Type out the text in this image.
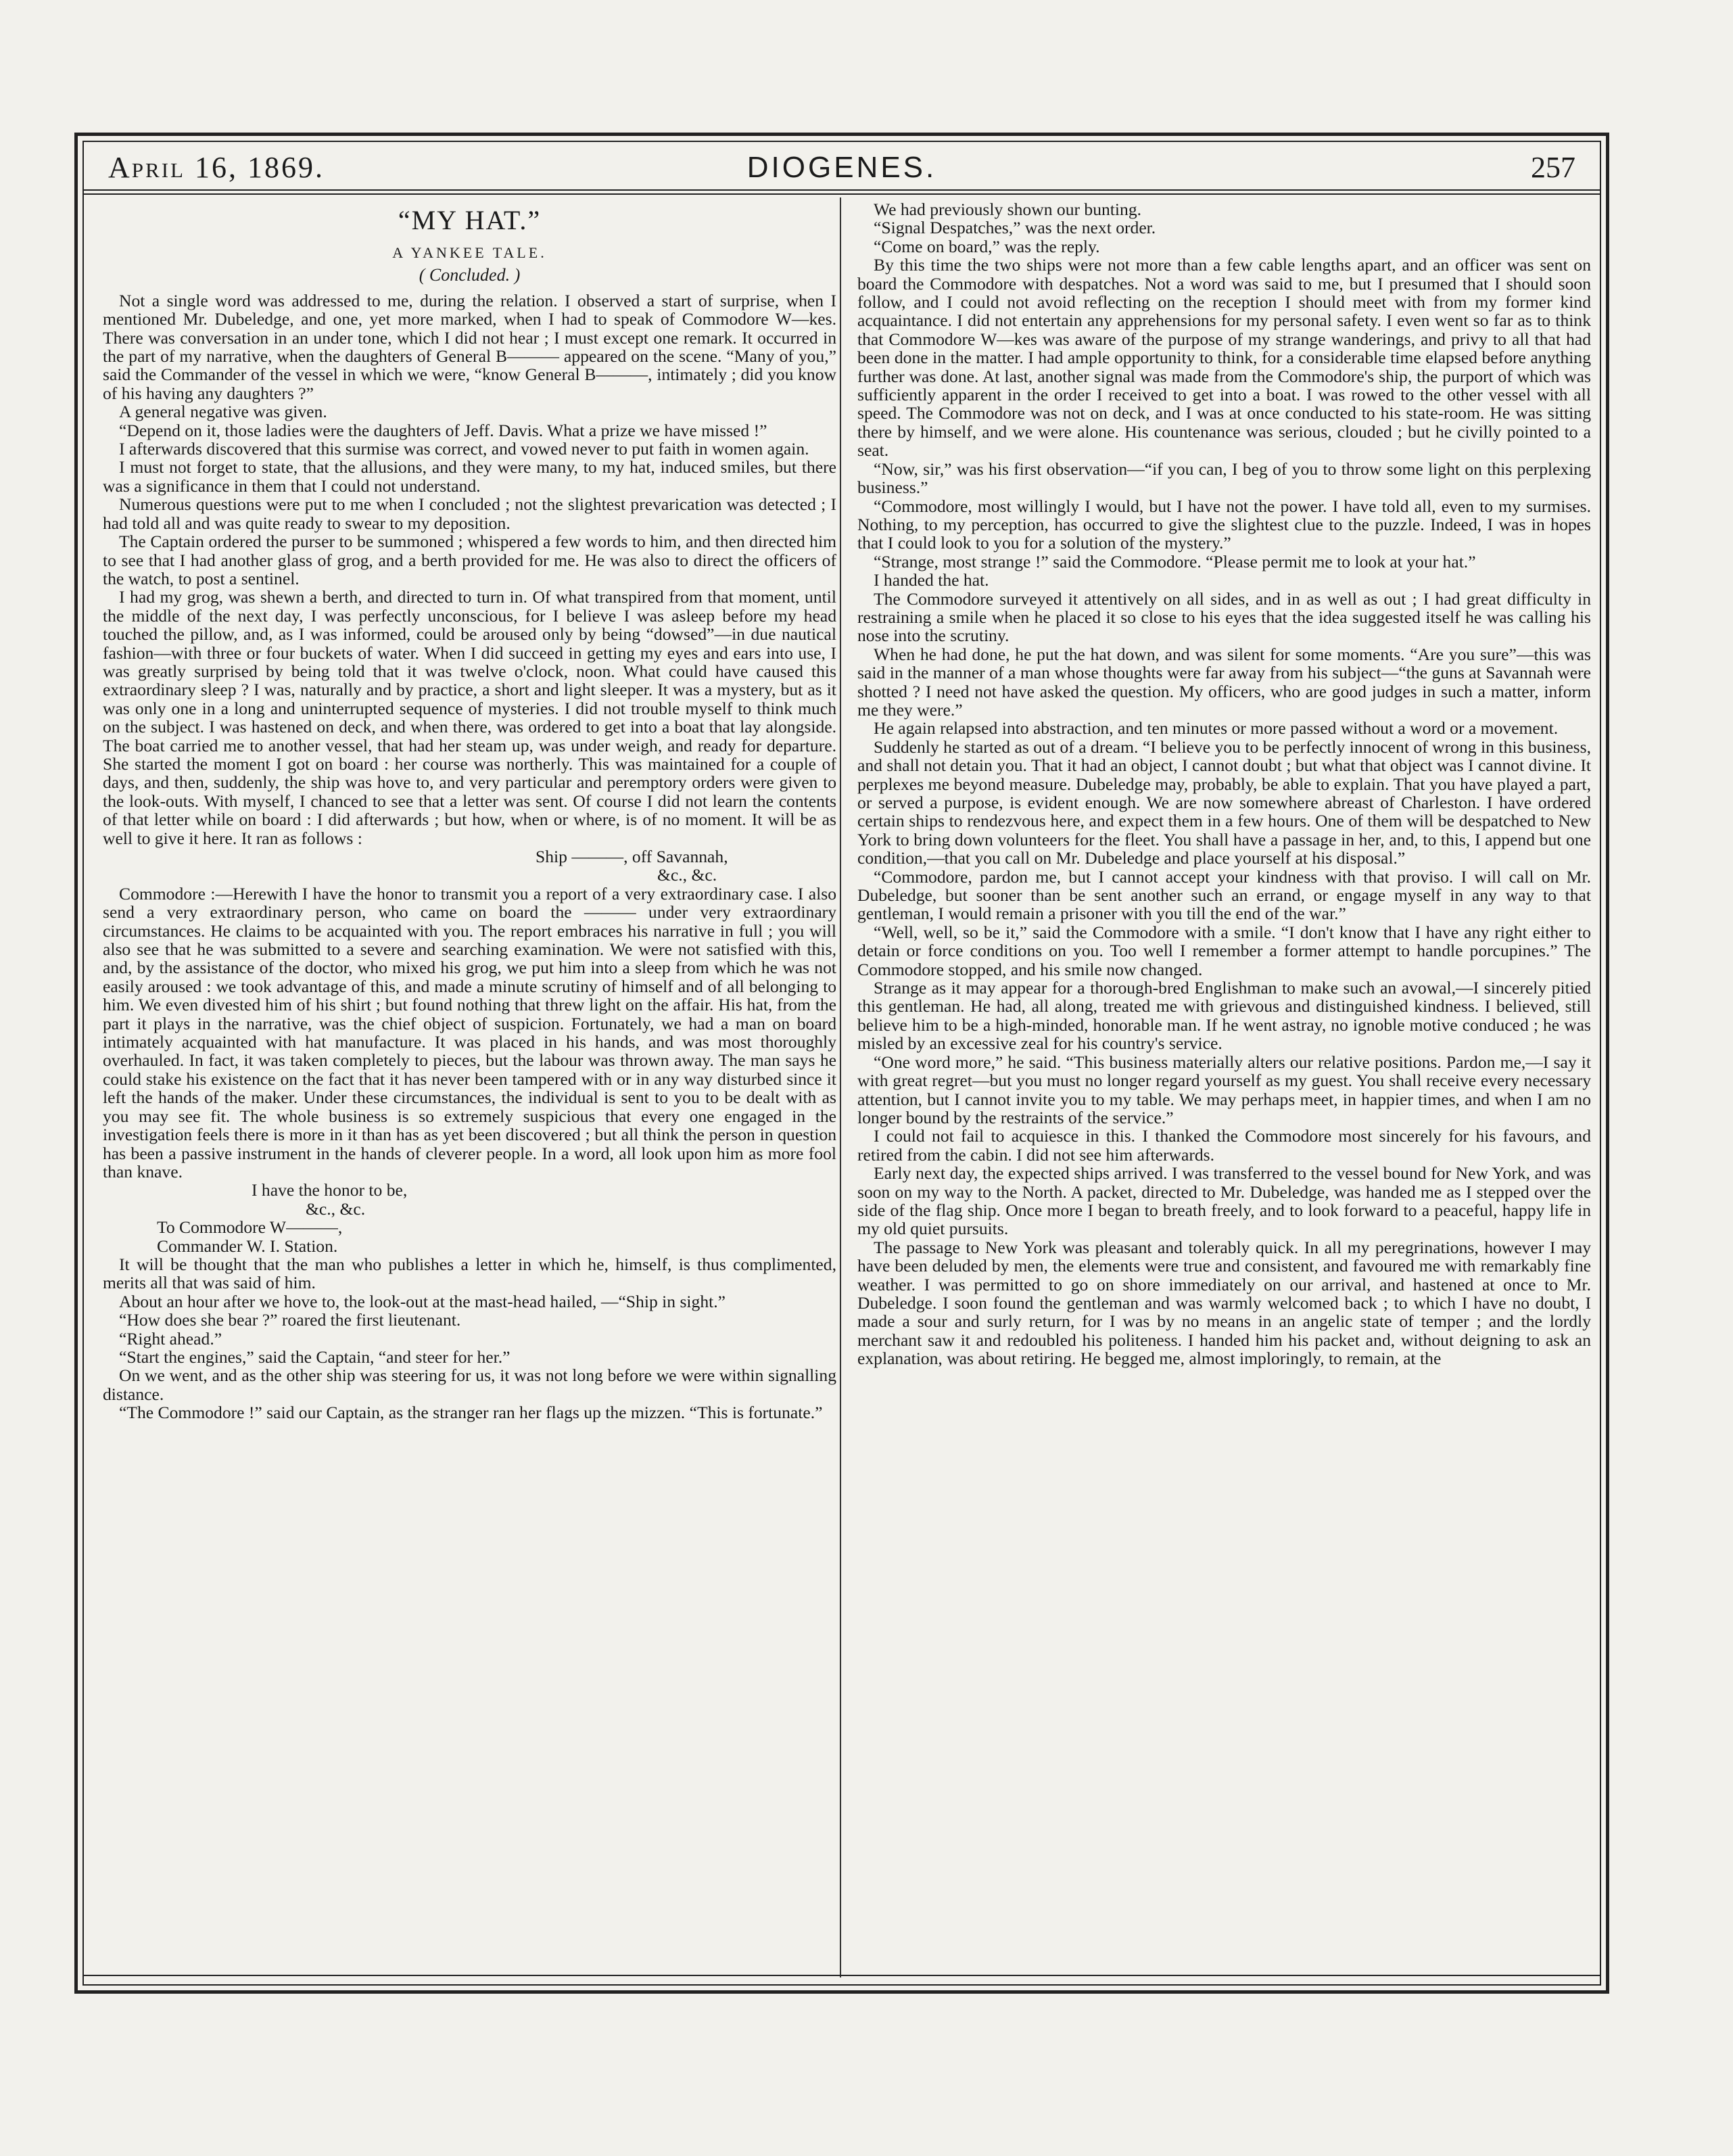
April 16, 1869.	DIOGENES.	257
“MY HAT.”
A YANKEE TALE.
( Concluded. )

Not a single word was addressed to me, during the relation. I observed a start of surprise, when I mentioned Mr. Dubeledge, and one, yet more marked, when I had to speak of Commodore W—kes. There was conversation in an under tone, which I did not hear ; I must except one remark. It occurred in the part of my narrative, when the daughters of General B——— appeared on the scene. “Many of you,” said the Commander of the vessel in which we were, “know General B———, intimately ; did you know of his having any daughters ?”

A general negative was given.

“Depend on it, those ladies were the daughters of Jeff. Davis. What a prize we have missed !”

I afterwards discovered that this surmise was correct, and vowed never to put faith in women again.

I must not forget to state, that the allusions, and they were many, to my hat, induced smiles, but there was a significance in them that I could not understand.

Numerous questions were put to me when I concluded ; not the slightest prevarication was detected ; I had told all and was quite ready to swear to my deposition.

The Captain ordered the purser to be summoned ; whispered a few words to him, and then directed him to see that I had another glass of grog, and a berth provided for me. He was also to direct the officers of the watch, to post a sentinel.

I had my grog, was shewn a berth, and directed to turn in. Of what transpired from that moment, until the middle of the next day, I was perfectly unconscious, for I believe I was asleep before my head touched the pillow, and, as I was informed, could be aroused only by being “dowsed”—in due nautical fashion—with three or four buckets of water. When I did succeed in getting my eyes and ears into use, I was greatly surprised by being told that it was twelve o'clock, noon. What could have caused this extraordinary sleep ? I was, naturally and by practice, a short and light sleeper. It was a mystery, but as it was only one in a long and uninterrupted sequence of mysteries. I did not trouble myself to think much on the subject. I was hastened on deck, and when there, was ordered to get into a boat that lay alongside. The boat carried me to another vessel, that had her steam up, was under weigh, and ready for departure. She started the moment I got on board : her course was northerly. This was maintained for a couple of days, and then, suddenly, the ship was hove to, and very particular and peremptory orders were given to the look-outs. With myself, I chanced to see that a letter was sent. Of course I did not learn the contents of that letter while on board : I did afterwards ; but how, when or where, is of no moment. It will be as well to give it here. It ran as follows :

Ship ———, off Savannah,

&c., &c.

Commodore :—Herewith I have the honor to transmit you a report of a very extraordinary case. I also send a very extraordinary person, who came on board the ——— under very extraordinary circumstances. He claims to be acquainted with you. The report embraces his narrative in full ; you will also see that he was submitted to a severe and searching examination. We were not satisfied with this, and, by the assistance of the doctor, who mixed his grog, we put him into a sleep from which he was not easily aroused : we took advantage of this, and made a minute scrutiny of himself and of all belonging to him. We even divested him of his shirt ; but found nothing that threw light on the affair. His hat, from the part it plays in the narrative, was the chief object of suspicion. Fortunately, we had a man on board intimately acquainted with hat manufacture. It was placed in his hands, and was most thoroughly overhauled. In fact, it was taken completely to pieces, but the labour was thrown away. The man says he could stake his existence on the fact that it has never been tampered with or in any way disturbed since it left the hands of the maker. Under these circumstances, the individual is sent to you to be dealt with as you may see fit. The whole business is so extremely suspicious that every one engaged in the investigation feels there is more in it than has as yet been discovered ; but all think the person in question has been a passive instrument in the hands of cleverer people. In a word, all look upon him as more fool than knave.

I have the honor to be,

&c., &c.

To Commodore W———,

Commander W. I. Station.

It will be thought that the man who publishes a letter in which he, himself, is thus complimented, merits all that was said of him.

About an hour after we hove to, the look-out at the mast-head hailed, —“Ship in sight.”

“How does she bear ?” roared the first lieutenant.

“Right ahead.”

“Start the engines,” said the Captain, “and steer for her.”

On we went, and as the other ship was steering for us, it was not long before we were within signalling distance.

“The Commodore !” said our Captain, as the stranger ran her flags up the mizzen. “This is fortunate.”

We had previously shown our bunting.

“Signal Despatches,” was the next order.

“Come on board,” was the reply.

By this time the two ships were not more than a few cable lengths apart, and an officer was sent on board the Commodore with despatches. Not a word was said to me, but I presumed that I should soon follow, and I could not avoid reflecting on the reception I should meet with from my former kind acquaintance. I did not entertain any apprehensions for my personal safety. I even went so far as to think that Commodore W—kes was aware of the purpose of my strange wanderings, and privy to all that had been done in the matter. I had ample opportunity to think, for a considerable time elapsed before anything further was done. At last, another signal was made from the Commodore's ship, the purport of which was sufficiently apparent in the order I received to get into a boat. I was rowed to the other vessel with all speed. The Commodore was not on deck, and I was at once conducted to his state-room. He was sitting there by himself, and we were alone. His countenance was serious, clouded ; but he civilly pointed to a seat.

“Now, sir,” was his first observation—“if you can, I beg of you to throw some light on this perplexing business.”

“Commodore, most willingly I would, but I have not the power. I have told all, even to my surmises. Nothing, to my perception, has occurred to give the slightest clue to the puzzle. Indeed, I was in hopes that I could look to you for a solution of the mystery.”

“Strange, most strange !” said the Commodore. “Please permit me to look at your hat.”

I handed the hat.

The Commodore surveyed it attentively on all sides, and in as well as out ; I had great difficulty in restraining a smile when he placed it so close to his eyes that the idea suggested itself he was calling his nose into the scrutiny.

When he had done, he put the hat down, and was silent for some moments. “Are you sure”—this was said in the manner of a man whose thoughts were far away from his subject—“the guns at Savannah were shotted ? I need not have asked the question. My officers, who are good judges in such a matter, inform me they were.”

He again relapsed into abstraction, and ten minutes or more passed without a word or a movement.

Suddenly he started as out of a dream. “I believe you to be perfectly innocent of wrong in this business, and shall not detain you. That it had an object, I cannot doubt ; but what that object was I cannot divine. It perplexes me beyond measure. Dubeledge may, probably, be able to explain. That you have played a part, or served a purpose, is evident enough. We are now somewhere abreast of Charleston. I have ordered certain ships to rendezvous here, and expect them in a few hours. One of them will be despatched to New York to bring down volunteers for the fleet. You shall have a passage in her, and, to this, I append but one condition,—that you call on Mr. Dubeledge and place yourself at his disposal.”

“Commodore, pardon me, but I cannot accept your kindness with that proviso. I will call on Mr. Dubeledge, but sooner than be sent another such an errand, or engage myself in any way to that gentleman, I would remain a prisoner with you till the end of the war.”

“Well, well, so be it,” said the Commodore with a smile. “I don't know that I have any right either to detain or force conditions on you. Too well I remember a former attempt to handle porcupines.” The Commodore stopped, and his smile now changed.

Strange as it may appear for a thorough-bred Englishman to make such an avowal,—I sincerely pitied this gentleman. He had, all along, treated me with grievous and distinguished kindness. I believed, still believe him to be a high-minded, honorable man. If he went astray, no ignoble motive conduced ; he was misled by an excessive zeal for his country's service.

“One word more,” he said. “This business materially alters our relative positions. Pardon me,—I say it with great regret—but you must no longer regard yourself as my guest. You shall receive every necessary attention, but I cannot invite you to my table. We may perhaps meet, in happier times, and when I am no longer bound by the restraints of the service.”

I could not fail to acquiesce in this. I thanked the Commodore most sincerely for his favours, and retired from the cabin. I did not see him afterwards.

Early next day, the expected ships arrived. I was transferred to the vessel bound for New York, and was soon on my way to the North. A packet, directed to Mr. Dubeledge, was handed me as I stepped over the side of the flag ship. Once more I began to breath freely, and to look forward to a peaceful, happy life in my old quiet pursuits.

The passage to New York was pleasant and tolerably quick. In all my peregrinations, however I may have been deluded by men, the elements were true and consistent, and favoured me with remarkably fine weather. I was permitted to go on shore immediately on our arrival, and hastened at once to Mr. Dubeledge. I soon found the gentleman and was warmly welcomed back ; to which I have no doubt, I made a sour and surly return, for I was by no means in an angelic state of temper ; and the lordly merchant saw it and redoubled his politeness. I handed him his packet and, without deigning to ask an explanation, was about retiring. He begged me, almost imploringly, to remain, at the
